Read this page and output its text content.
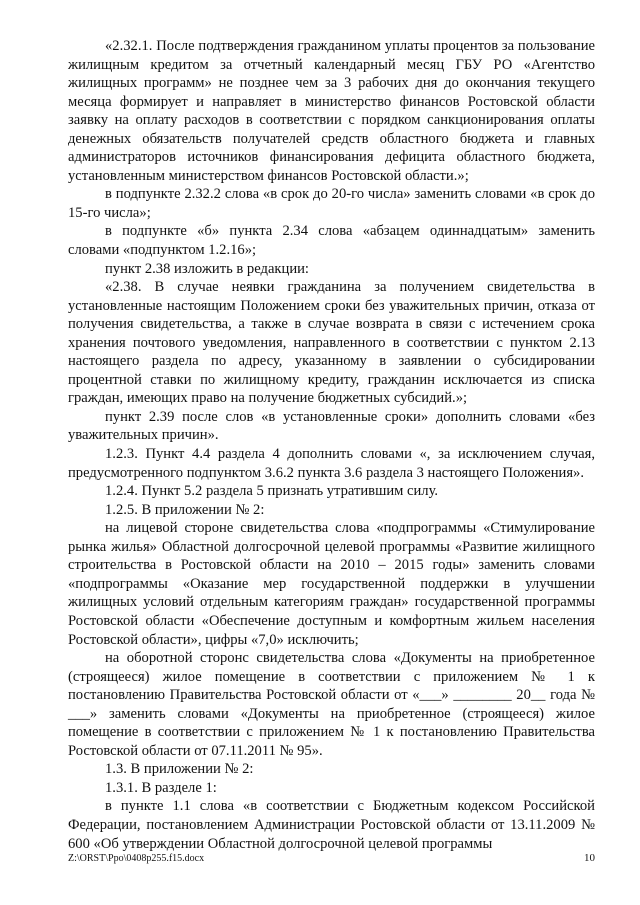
«2.32.1. После подтверждения гражданином уплаты процентов за пользование жилищным кредитом за отчетный календарный месяц ГБУ РО «Агентство жилищных программ» не позднее чем за 3 рабочих дня до окончания текущего месяца формирует и направляет в министерство финансов Ростовской области заявку на оплату расходов в соответствии с порядком санкционирования оплаты денежных обязательств получателей средств областного бюджета и главных администраторов источников финансирования дефицита областного бюджета, установленным министерством финансов Ростовской области.»;

в подпункте 2.32.2 слова «в срок до 20-го числа» заменить словами «в срок до 15-го числа»;

в подпункте «б» пункта 2.34 слова «абзацем одиннадцатым» заменить словами «подпунктом 1.2.16»;

пункт 2.38 изложить в редакции:

«2.38. В случае неявки гражданина за получением свидетельства в установленные настоящим Положением сроки без уважительных причин, отказа от получения свидетельства, а также в случае возврата в связи с истечением срока хранения почтового уведомления, направленного в соответствии с пунктом 2.13 настоящего раздела по адресу, указанному в заявлении о субсидировании процентной ставки по жилищному кредиту, гражданин исключается из списка граждан, имеющих право на получение бюджетных субсидий.»;

пункт 2.39 после слов «в установленные сроки» дополнить словами «без уважительных причин».

1.2.3. Пункт 4.4 раздела 4 дополнить словами «, за исключением случая, предусмотренного подпунктом 3.6.2 пункта 3.6 раздела 3 настоящего Положения».

1.2.4. Пункт 5.2 раздела 5 признать утратившим силу.

1.2.5. В приложении № 2:

на лицевой стороне свидетельства слова «подпрограммы «Стимулирование рынка жилья» Областной долгосрочной целевой программы «Развитие жилищного строительства в Ростовской области на 2010 – 2015 годы» заменить словами «подпрограммы «Оказание мер государственной поддержки в улучшении жилищных условий отдельным категориям граждан» государственной программы Ростовской области «Обеспечение доступным и комфортным жильем населения Ростовской области», цифры «7,0» исключить;

на оборотной сторонс свидетельства слова «Документы на приобретенное (строящееся) жилое помещение в соответствии с приложением № 1 к постановлению Правительства Ростовской области от «___» ________ 20__ года № ___» заменить словами «Документы на приобретенное (строящееся) жилое помещение в соответствии с приложением № 1 к постановлению Правительства Ростовской области от 07.11.2011 № 95».

1.3. В приложении № 2:

1.3.1. В разделе 1:

в пункте 1.1 слова «в соответствии с Бюджетным кодексом Российской Федерации, постановлением Администрации Ростовской области от 13.11.2009 № 600 «Об утверждении Областной долгосрочной целевой программы

Z:\ORST\Ppo\0408p255.f15.docx	10
